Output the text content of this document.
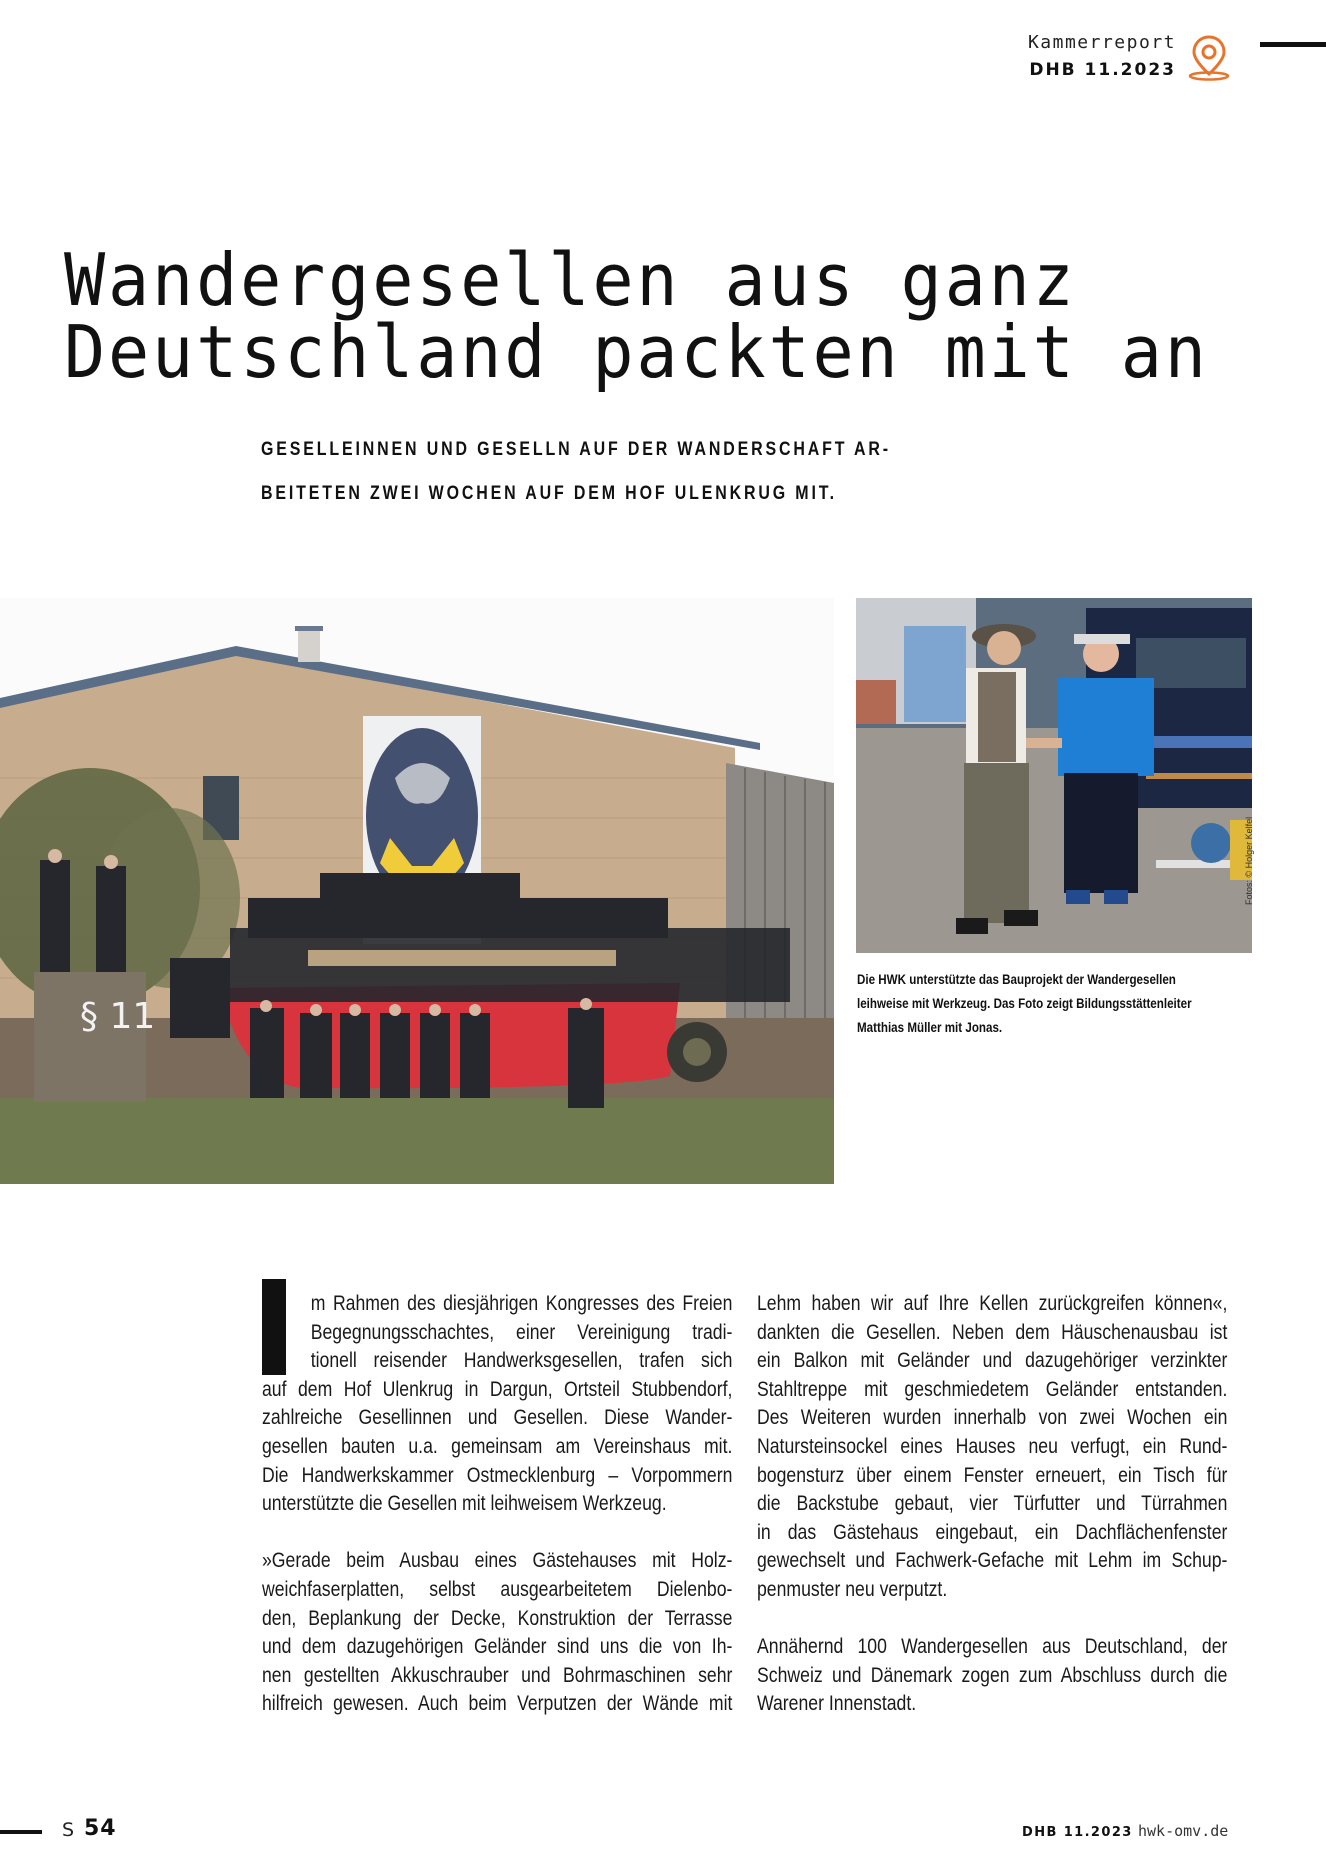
Kammerreport
DHB 11.2023
Wandergesellen aus ganz
Deutschland packten mit an
GESELLEINNEN UND GESELLN AUF DER WANDERSCHAFT AR-
BEITETEN ZWEI WOCHEN AUF DEM HOF ULENKRUG MIT.
§ 11
Fotos: © Holger Kelfel
Die HWK unterstützte das Bauprojekt der Wandergesellen
leihweise mit Werkzeug. Das Foto zeigt Bildungsstättenleiter
Matthias Müller mit Jonas.
m Rahmen des diesjährigen Kongresses des Freien
Begegnungsschachtes, einer Vereinigung tradi-
tionell reisender Handwerksgesellen, trafen sich
auf dem Hof Ulenkrug in Dargun, Ortsteil Stubbendorf,
zahlreiche Gesellinnen und Gesellen. Diese Wander-
gesellen bauten u.a. gemeinsam am Vereinshaus mit.
Die Handwerkskammer Ostmecklenburg – Vorpommern
unterstützte die Gesellen mit leihweisem Werkzeug.
»Gerade beim Ausbau eines Gästehauses mit Holz-
weichfaserplatten, selbst ausgearbeitetem Dielenbo-
den, Beplankung der Decke, Konstruktion der Terrasse
und dem dazugehörigen Geländer sind uns die von Ih-
nen gestellten Akkuschrauber und Bohrmaschinen sehr
hilfreich gewesen. Auch beim Verputzen der Wände mit
Lehm haben wir auf Ihre Kellen zurückgreifen können«,
dankten die Gesellen. Neben dem Häuschenausbau ist
ein Balkon mit Geländer und dazugehöriger verzinkter
Stahltreppe mit geschmiedetem Geländer entstanden.
Des Weiteren wurden innerhalb von zwei Wochen ein
Natursteinsockel eines Hauses neu verfugt, ein Rund-
bogensturz über einem Fenster erneuert, ein Tisch für
die Backstube gebaut, vier Türfutter und Türrahmen
in das Gästehaus eingebaut, ein Dachflächenfenster
gewechselt und Fachwerk-Gefache mit Lehm im Schup-
penmuster neu verputzt.
Annähernd 100 Wandergesellen aus Deutschland, der
Schweiz und Dänemark zogen zum Abschluss durch die
Warener Innenstadt.
S 54	DHB 11.2023 hwk-omv.de
